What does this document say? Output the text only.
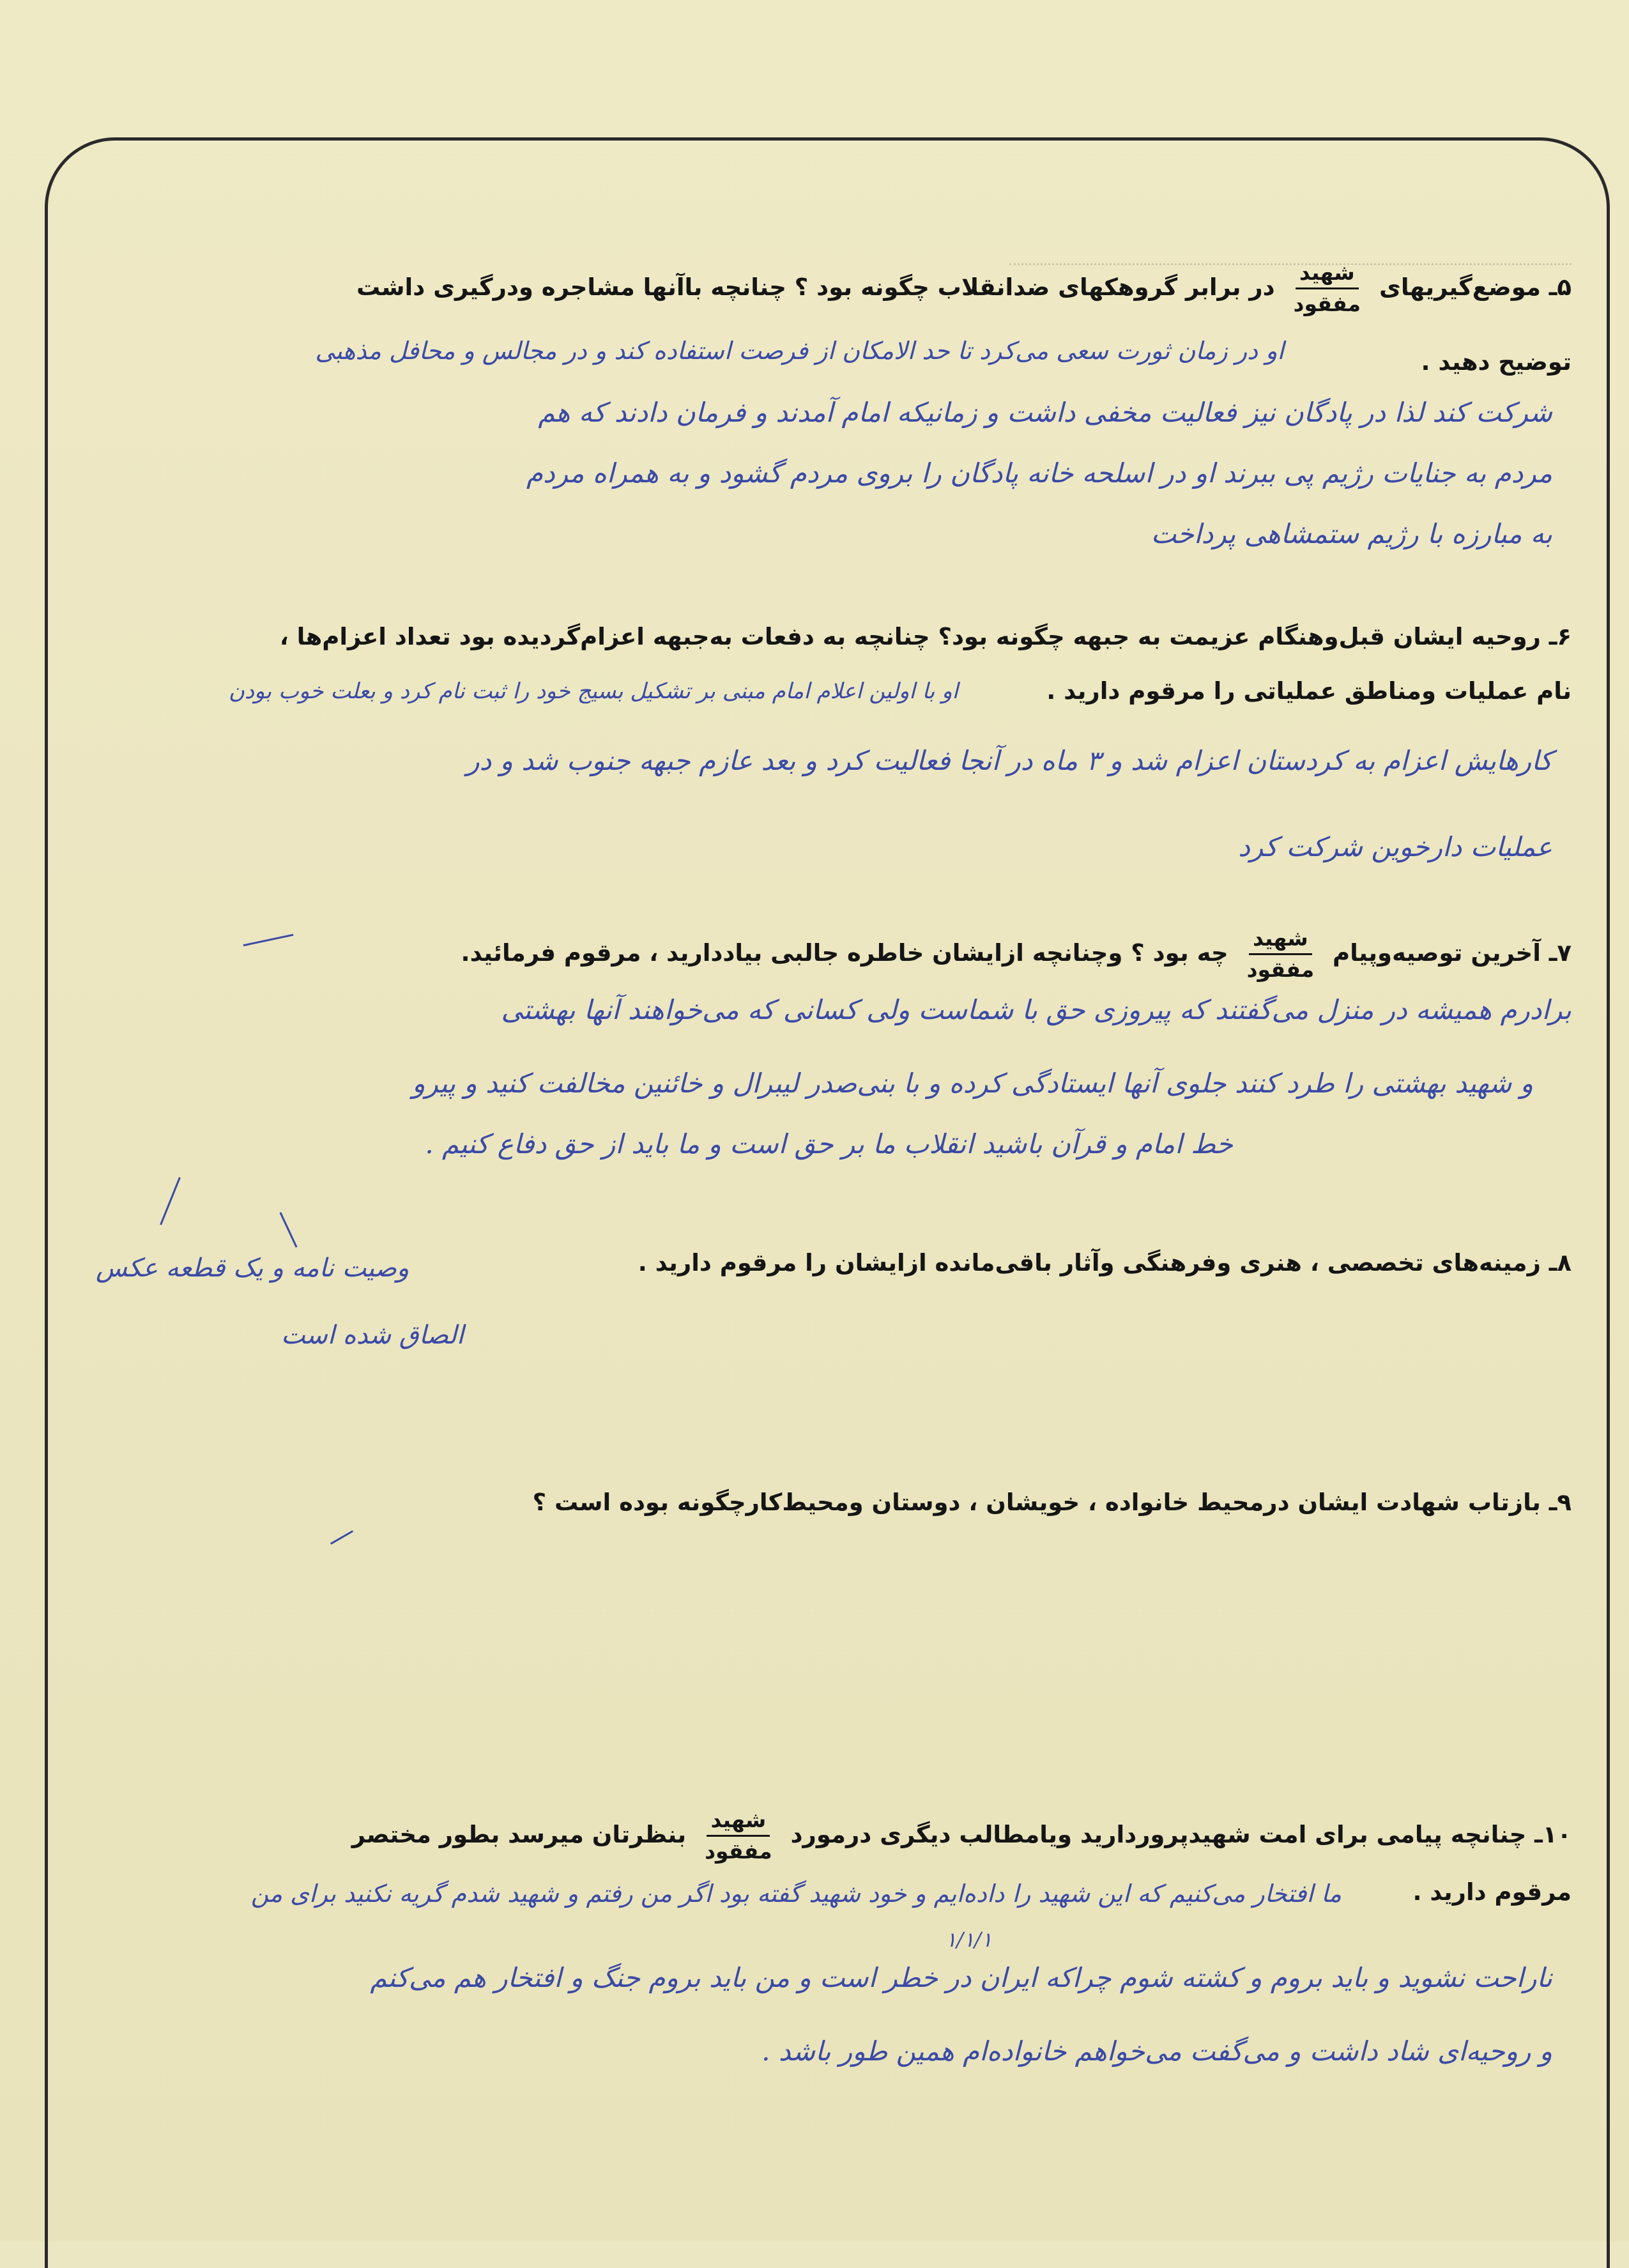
۵ـ موضع‌گیریهای
$\frac{\text{شهید}}{\text{مفقود}}$
در برابر گروهکهای ضدانقلاب چگونه بود ؟ چنانچه باآنها مشاجره ودرگیری داشت
توضیح دهید .
او در زمان ثورت سعی می‌کرد تا حد الامکان از فرصت استفاده کند و در مجالس و محافل مذهبی
شرکت کند لذا در پادگان نیز فعالیت مخفی داشت و زمانیکه امام آمدند و فرمان دادند که هم
مردم به جنایات رژیم پی ببرند او در اسلحه خانه پادگان را بروی مردم گشود و به همراه مردم
به مبارزه با رژیم ستمشاهی پرداخت
۶ـ روحیه ایشان قبل‌وهنگام عزیمت به جبهه چگونه بود؟ چنانچه به دفعات به‌جبهه اعزام‌گردیده بود تعداد اعزام‌ها ،
نام عملیات ومناطق عملیاتی را مرقوم دارید .
او با اولین اعلام امام مبنی بر تشکیل بسیج خود را ثبت نام کرد و بعلت خوب بودن
کارهایش اعزام به کردستان اعزام شد و ۳ ماه در آنجا فعالیت کرد و بعد عازم جبهه جنوب شد و در
عملیات دارخوین شرکت کرد
۷ـ آخرین توصیه‌وپیام
$\frac{\text{شهید}}{\text{مفقود}}$
چه بود ؟ وچنانچه ازایشان خاطره جالبی بیاددارید ، مرقوم فرمائید.
برادرم همیشه در منزل می‌گفتند که پیروزی حق با شماست ولی کسانی که می‌خواهند آنها بهشتی
و شهید بهشتی را طرد کنند جلوی آنها ایستادگی کرده و با بنی‌صدر لیبرال و خائنین مخالفت کنید و پیرو
خط امام و قرآن باشید انقلاب ما بر حق است و ما باید از حق دفاع کنیم .
۸ـ زمینه‌های تخصصی ، هنری وفرهنگی وآثار باقی‌مانده ازایشان را مرقوم دارید .
وصیت نامه و یک قطعه عکس
الصاق شده است
۹ـ بازتاب شهادت ایشان درمحیط خانواده ، خویشان ، دوستان ومحیط‌کارچگونه بوده است ؟
۱۰ـ چنانچه پیامی برای امت شهیدپروردارید ویامطالب دیگری درمورد
$\frac{\text{شهید}}{\text{مفقود}}$
بنظرتان میرسد بطور مختصر
مرقوم دارید .
ما افتخار می‌کنیم که این شهید را داده‌ایم و خود شهید گفته بود اگر من رفتم و شهید شدم گریه نکنید برای من
۱/۱/۱
ناراحت نشوید و باید بروم و کشته شوم چراکه ایران در خطر است و من باید بروم جنگ و افتخار هم می‌کنم
و روحیه‌ای شاد داشت و می‌گفت می‌خواهم خانواده‌ام همین طور باشد .
